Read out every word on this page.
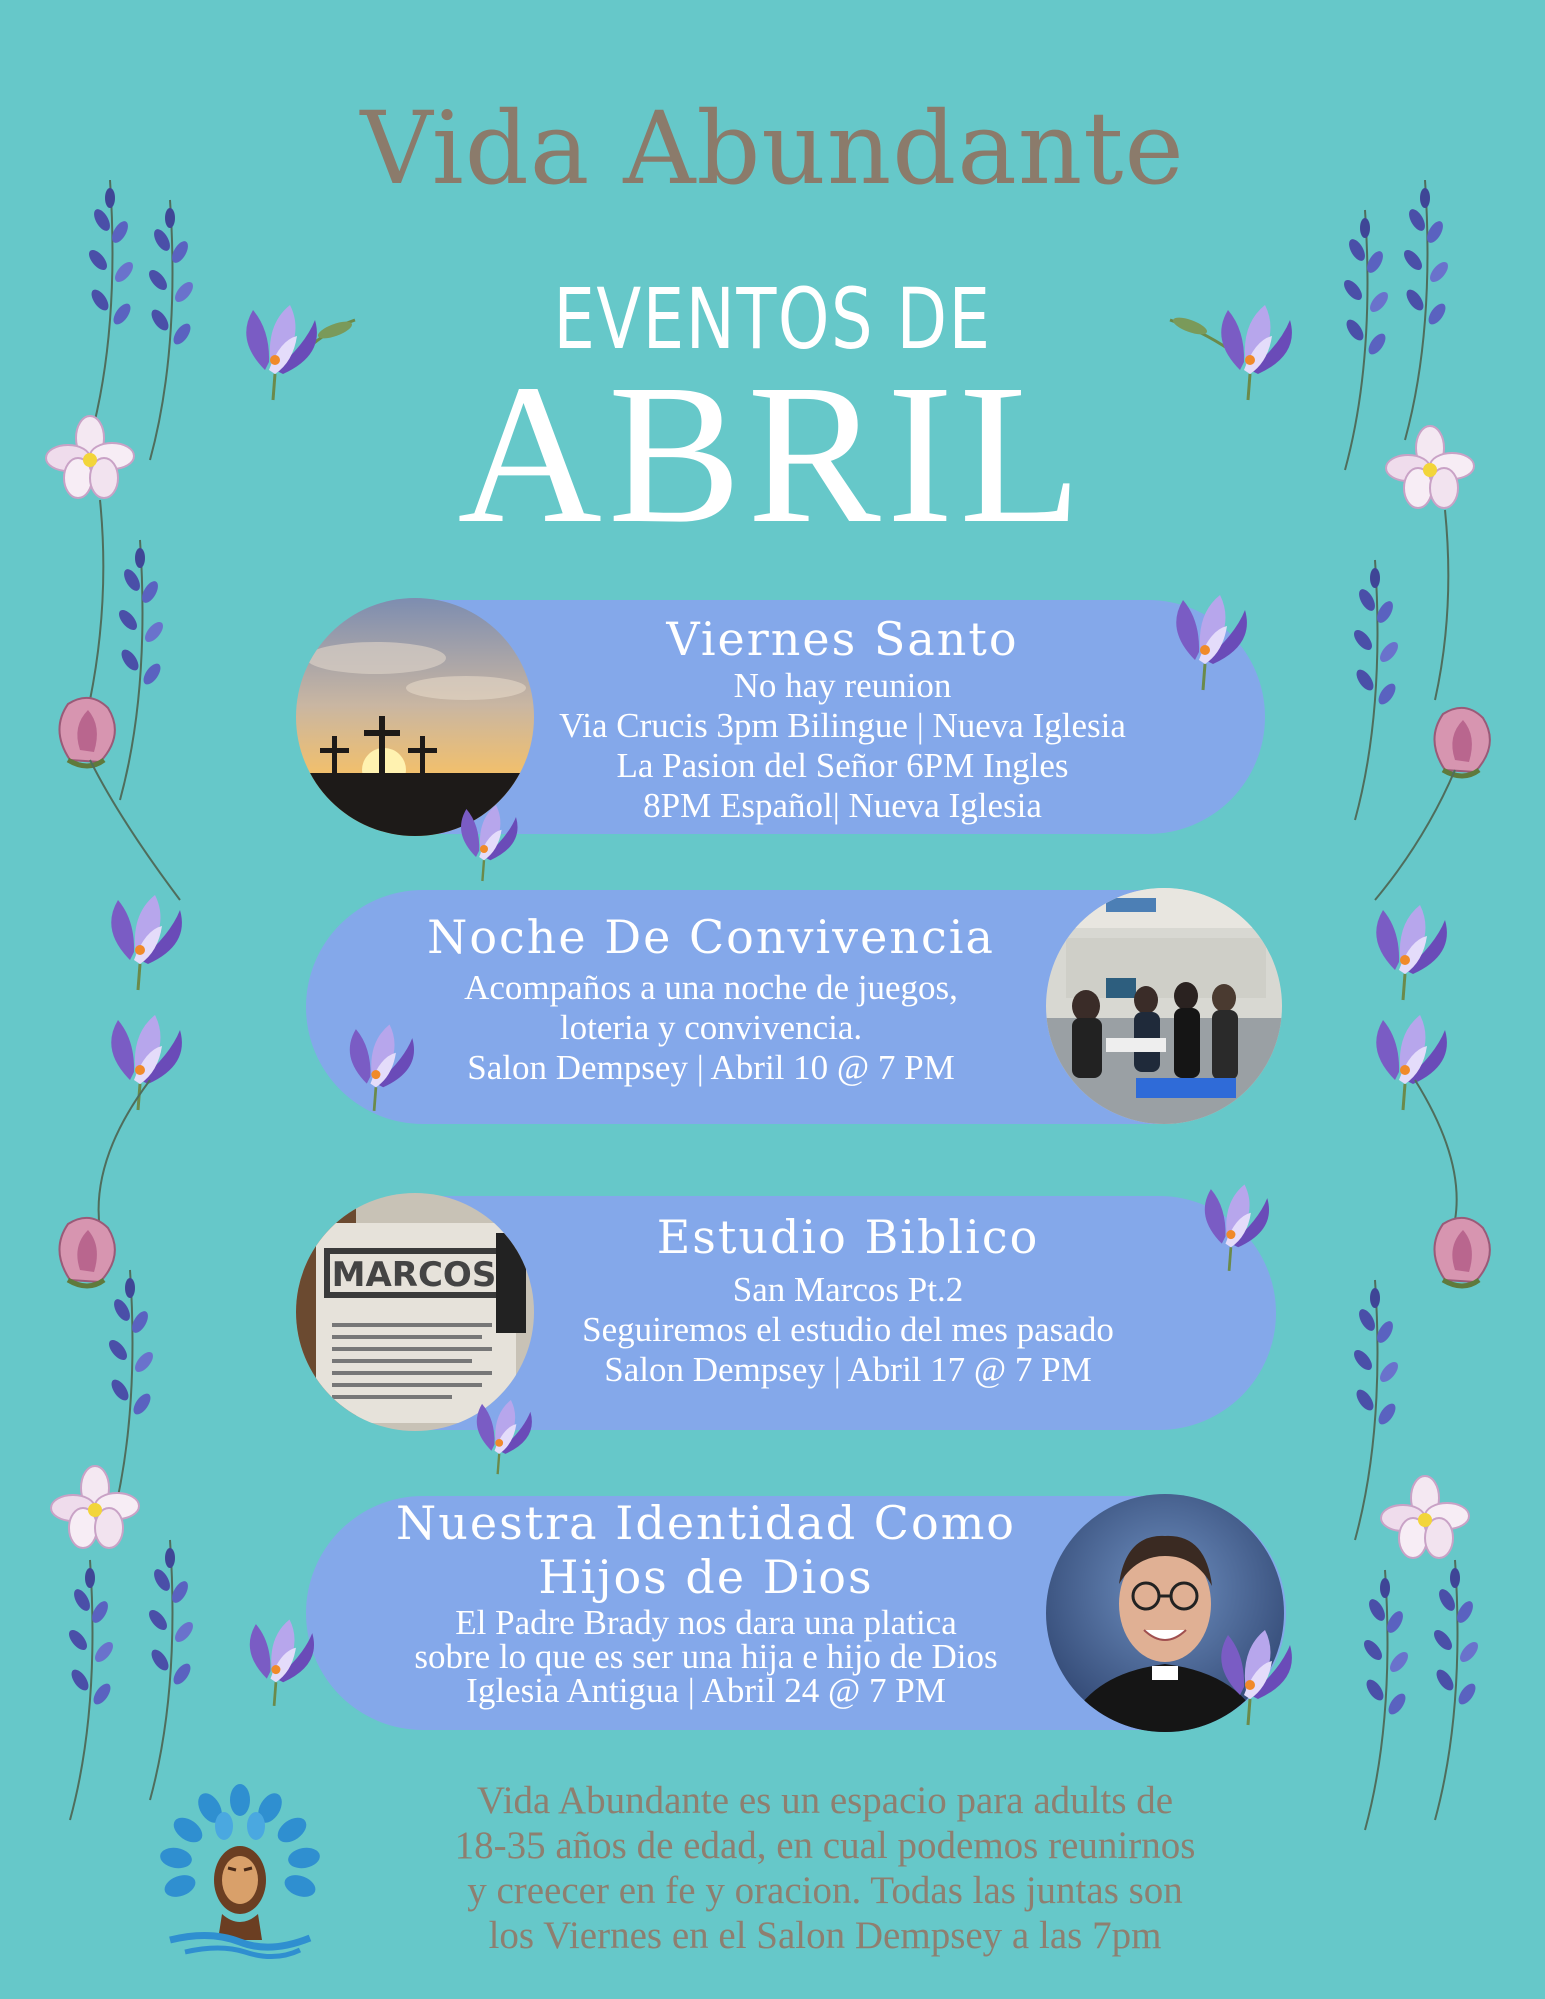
Vida Abundante
EVENTOS DE
ABRIL
Viernes Santo

No hay reunion

Via Crucis 3pm Bilingue | Nueva Iglesia

La Pasion del Señor 6PM Ingles

8PM Español| Nueva Iglesia

Noche De Convivencia

Acompaños a una noche de juegos,

loteria y convivencia.

Salon Dempsey | Abril 10 @ 7 PM

Estudio Biblico

San Marcos Pt.2

Seguiremos el estudio del mes pasado

Salon Dempsey | Abril 17 @ 7 PM

MARCOS
Nuestra Identidad Como
Hijos de Dios

El Padre Brady nos dara una platica

sobre lo que es ser una hija e hijo de Dios

Iglesia Antigua | Abril 24 @ 7 PM

Vida Abundante es un espacio para adults de

18-35 años de edad, en cual podemos reunirnos

y creecer en fe y oracion. Todas las juntas son

los Viernes en el Salon Dempsey a las 7pm
